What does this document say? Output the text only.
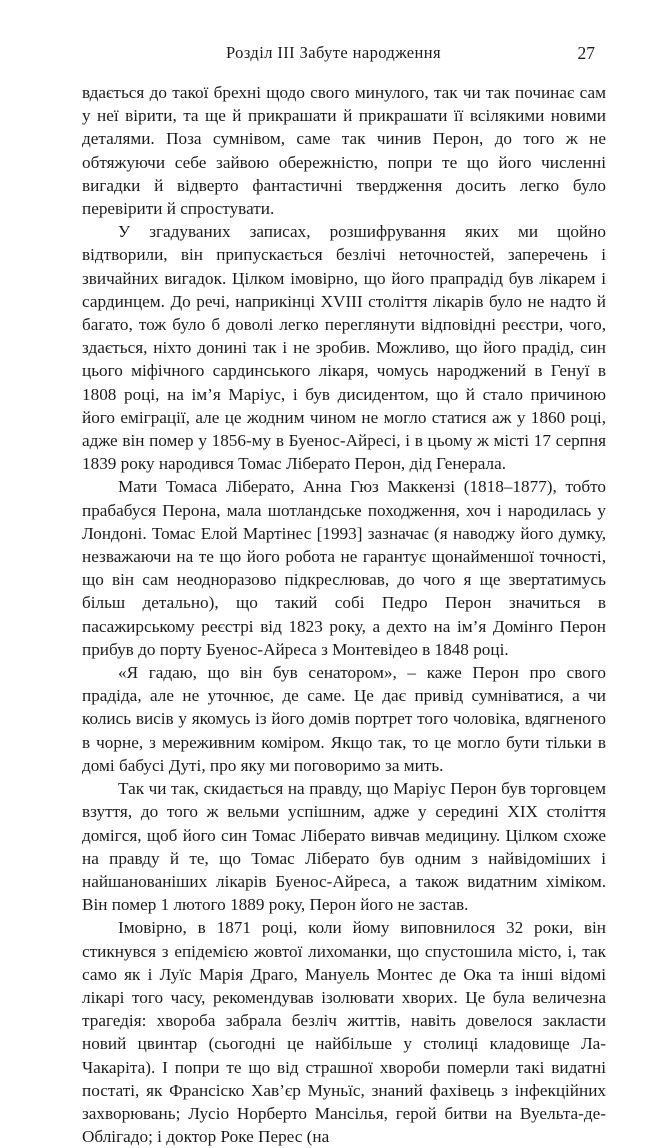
Розділ III Забуте народження	27

вдається до такої брехні щодо свого минулого, так чи так починає сам у неї вірити, та ще й прикрашати й прикрашати її всілякими новими деталями. Поза сумнівом, саме так чинив Перон, до того ж не обтяжуючи себе зайвою обережністю, попри те що його численні вигадки й відверто фантастичні твердження досить легко було перевірити й спростувати.

У згадуваних записах, розшифрування яких ми щойно відтворили, він припускається безлічі неточностей, заперечень і звичайних вигадок. Цілком імовірно, що його прапрадід був лікарем і сардинцем. До речі, наприкінці XVIII століття лікарів було не надто й багато, тож було б доволі легко переглянути відповідні реєстри, чого, здається, ніхто донині так і не зробив. Можливо, що його прадід, син цього міфічного сардинського лікаря, чомусь народжений в Генуї в 1808 році, на ім’я Маріус, і був дисидентом, що й стало причиною його еміграції, але це жодним чином не могло статися аж у 1860 році, адже він помер у 1856-му в Буенос-Айресі, і в цьому ж місті 17 серпня 1839 року народився Томас Ліберато Перон, дід Генерала.

Мати Томаса Ліберато, Анна Гюз Маккензі (1818–1877), тобто прабабуся Перона, мала шотландське походження, хоч і народилась у Лондоні. Томас Елой Мартінес [1993] зазначає (я наводжу його думку, незважаючи на те що його робота не гарантує щонайменшої точності, що він сам неодноразово підкреслював, до чого я ще звертатимусь більш детально), що такий собі Педро Перон значиться в пасажирському реєстрі від 1823 року, а дехто на ім’я Домінго Перон прибув до порту Буенос-Айреса з Монтевідео в 1848 році.

«Я гадаю, що він був сенатором», – каже Перон про свого прадіда, але не уточнює, де саме. Це дає привід сумніватися, а чи колись висів у якомусь із його домів портрет того чоловіка, вдягненого в чорне, з мереживним коміром. Якщо так, то це могло бути тільки в домі бабусі Дуті, про яку ми поговоримо за мить.

Так чи так, скидається на правду, що Маріус Перон був торговцем взуття, до того ж вельми успішним, адже у середині XIX століття домігся, щоб його син Томас Ліберато вивчав медицину. Цілком схоже на правду й те, що Томас Ліберато був одним з найвідоміших і найшанованіших лікарів Буенос-Айреса, а також видатним хіміком. Він помер 1 лютого 1889 року, Перон його не застав.

Імовірно, в 1871 році, коли йому виповнилося 32 роки, він стикнувся з епідемією жовтої лихоманки, що спустошила місто, і, так само як і Луїс Марія Драго, Мануель Монтес де Ока та інші відомі лікарі того часу, рекомендував ізолювати хворих. Це була величезна трагедія: хвороба забрала безліч життів, навіть довелося закласти новий цвинтар (сьогодні це найбільше у столиці кладовище Ла-Чакаріта). І попри те що від страшної хвороби померли такі видатні постаті, як Франсіско Хав’єр Муньїс, знаний фахівець з інфекційних захворювань; Лусіо Норберто Мансілья, герой битви на Вуельта-де-Облігадо; і доктор Роке Перес (на
